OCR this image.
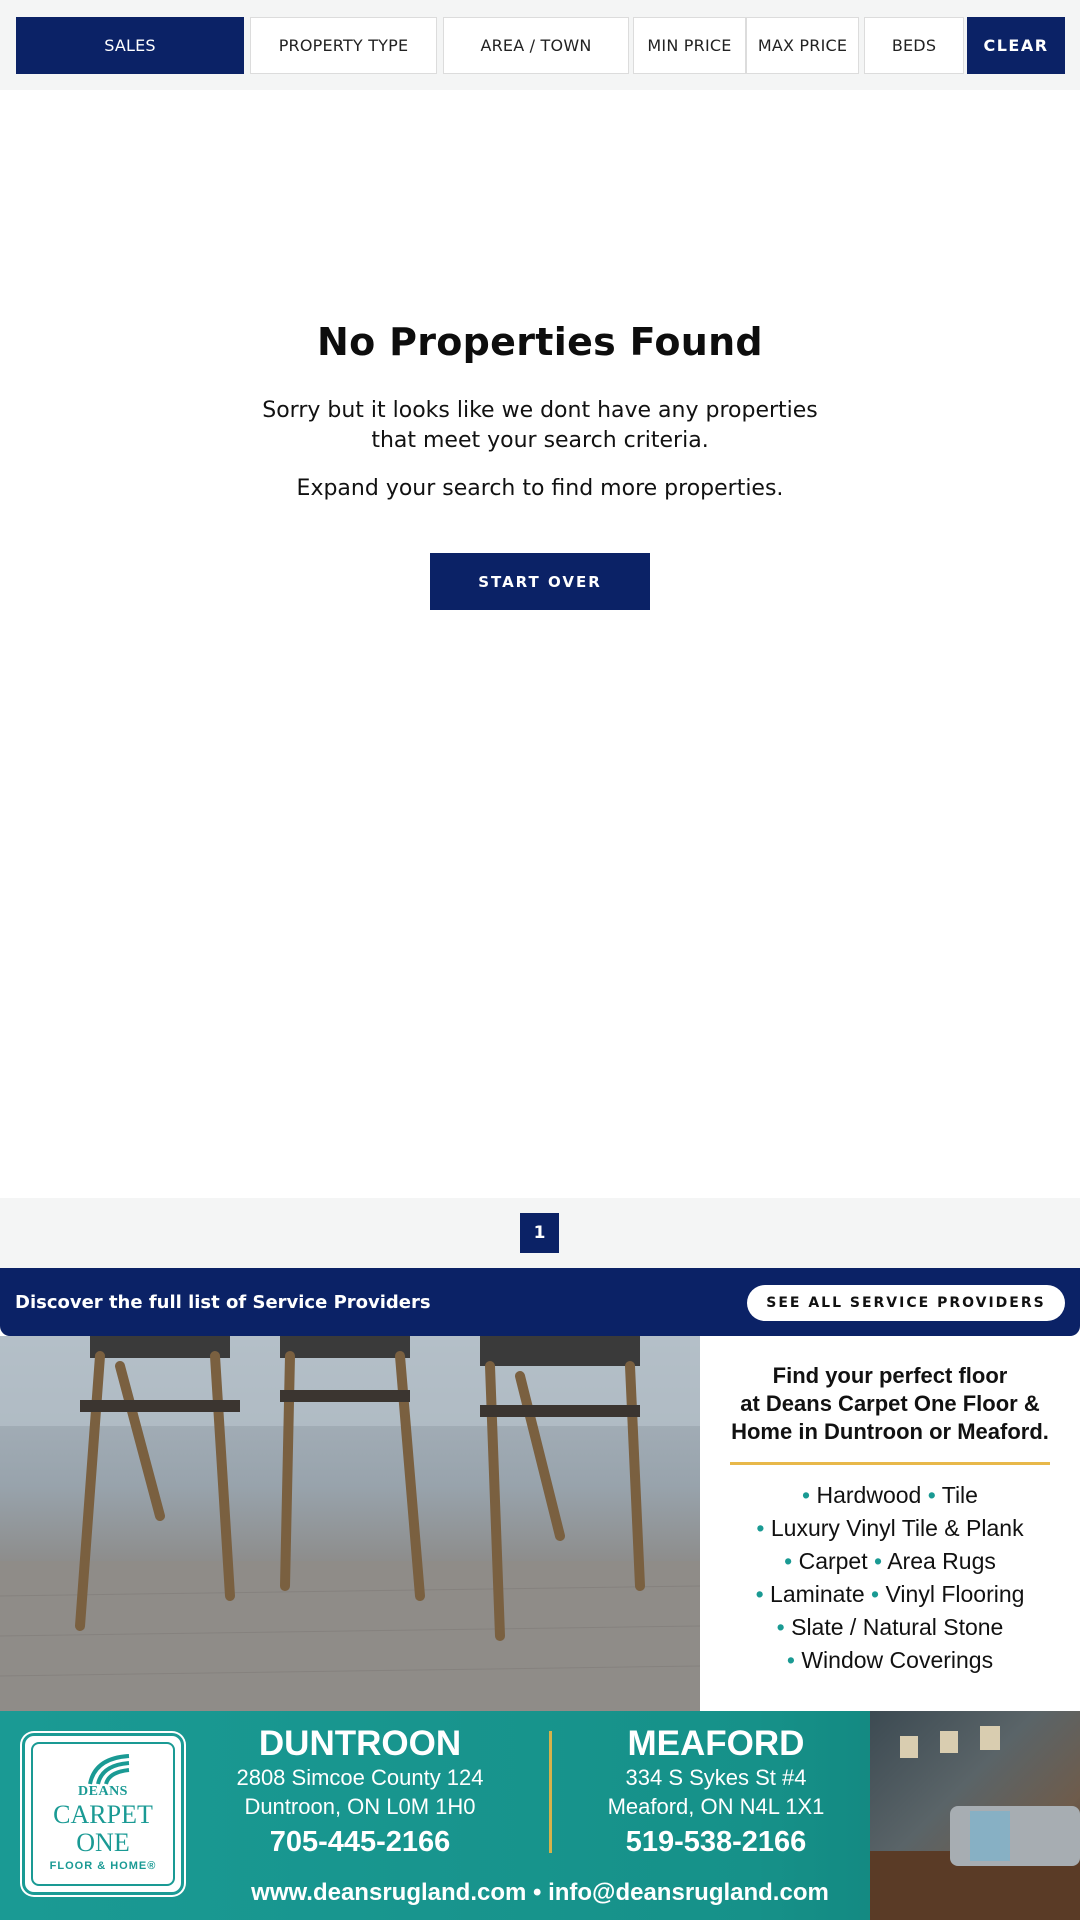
SALES	PROPERTY TYPE	AREA / TOWN	MIN PRICE	MAX PRICE	BEDS	CLEAR
No Properties Found

Sorry but it looks like we dont have any properties that meet your search criteria.

Expand your search to find more properties.

START OVER
1
Discover the full list of Service Providers	SEE ALL SERVICE PROVIDERS
Find your perfect floor
at Deans Carpet One Floor &
Home in Duntroon or Meaford.
• Hardwood • Tile
• Luxury Vinyl Tile & Plank
• Carpet • Area Rugs
• Laminate • Vinyl Flooring
• Slate / Natural Stone
• Window Coverings
DEANS
CARPET
ONE
FLOOR & HOME®
DUNTROON
2808 Simcoe County 124
Duntroon, ON L0M 1H0
705-445-2166
MEAFORD
334 S Sykes St #4
Meaford, ON N4L 1X1
519-538-2166
www.deansrugland.com • info@deansrugland.com
